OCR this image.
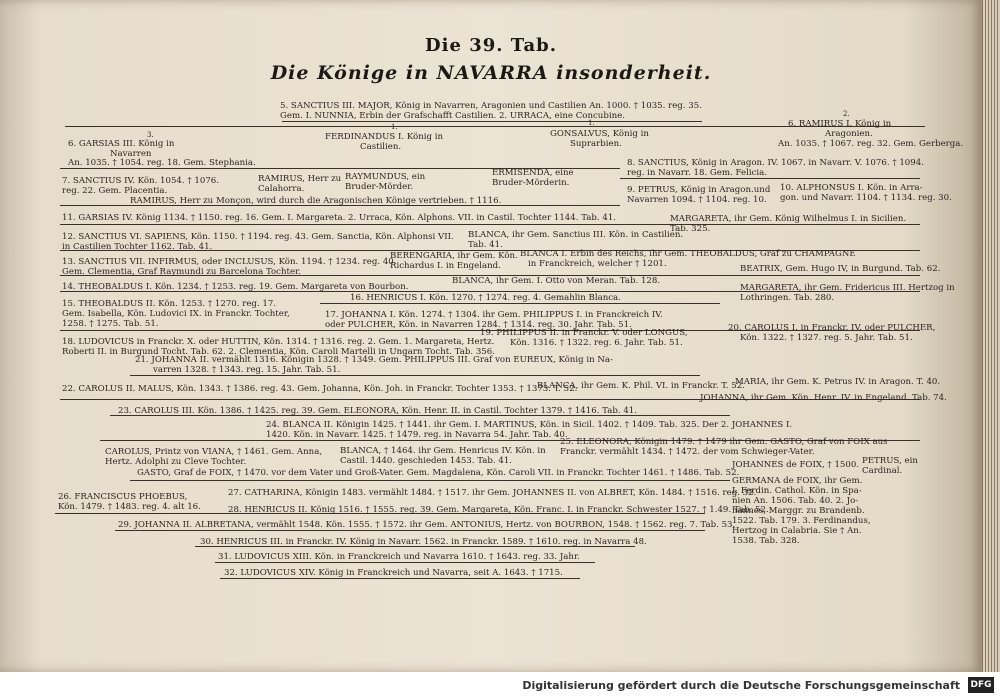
Die 39. Tab.
Die Könige in NAVARRA insonderheit.
5. SANCTIUS III. MAJOR, König in Navarren, Aragonien und Castilien An. 1000. † 1035. reg. 35.
Gem. I. NUNNIA, Erbin der Grafschafft Castilien. 2. URRACA, eine Concubine.
6. GARSIAS III. König in
Navarren
An. 1035. † 1054. reg. 18. Gem. Stephania.
FERDINANDUS I. König in
Castilien.
GONSALVUS, König in
Suprarbien.
6. RAMIRUS I. König in
Aragonien.
An. 1035. † 1067. reg. 32. Gem. Gerberga.
7. SANCTIUS IV. Kön. 1054. † 1076.
reg. 22. Gem. Placentia.
RAMIRUS, Herr zu
Calahorra.
RAYMUNDUS, ein
Bruder-Mörder.
ERMISENDA, eine
Bruder-Mörderin.
8. SANCTIUS, König in Aragon. IV. 1067. in Navarr. V. 1076. † 1094.
reg. in Navarr. 18. Gem. Felicia.
9. PETRUS, König in Aragon.und
Navarren 1094. † 1104. reg. 10.
10. ALPHONSUS I. Kön. in Arra-
gon. und Navarr. 1104. † 1134. reg. 30.
RAMIRUS, Herr zu Monçon, wird durch die Aragonischen Könige vertrieben. † 1116.
11. GARSIAS IV. König 1134. † 1150. reg. 16. Gem. I. Margareta. 2. Urraca, Kön. Alphons. VII. in Castil. Tochter 1144. Tab. 41.
12. SANCTIUS VI. SAPIENS, Kön. 1150. † 1194. reg. 43. Gem. Sanctia, Kön. Alphonsi VII.
in Castilien Tochter 1162. Tab. 41.
BLANCA, ihr Gem. Sanctius III. Kön. in Castilien.
Tab. 41.
MARGARETA, ihr Gem. König Wilhelmus I. in Sicilien.
Tab. 325.
13. SANCTIUS VII. INFIRMUS, oder INCLUSUS, Kön. 1194. † 1234. reg. 40.
Gem. Clementia, Graf Raymundi zu Barcelona Tochter.
BERENGARIA, ihr Gem. Kön.
Richardus I. in Engeland.
BLANCA I. Erbin des Reichs, ihr Gem. THEOBALDUS, Graf zu CHAMPAGNE
in Franckreich, welcher † 1201.
14. THEOBALDUS I. Kön. 1234. † 1253. reg. 19. Gem. Margareta von Bourbon.
BLANCA, ihr Gem. I. Otto von Meran. Tab. 128.
BEATRIX, Gem. Hugo IV, in Burgund. Tab. 62.
15. THEOBALDUS II. Kön. 1253. † 1270. reg. 17.
Gem. Isabella, Kön. Ludovici IX. in Franckr. Tochter,
1258. † 1275. Tab. 51.
16. HENRICUS I. Kön. 1270. † 1274. reg. 4. Gemahlin Blanca.
MARGARETA, ihr Gem. Fridericus III. Hertzog in
Lothringen. Tab. 280.
17. JOHANNA I. Kön. 1274. † 1304. ihr Gem. PHILIPPUS I. in Franckreich IV.
oder PULCHER, Kön. in Navarren 1284. † 1314. reg. 30. Jahr. Tab. 51.
18. LUDOVICUS in Franckr. X. oder HUTTIN, Kön. 1314. † 1316. reg. 2. Gem. 1. Margareta, Hertz.
Roberti II. in Burgund Tocht. Tab. 62. 2. Clementia, Kön. Caroli Martelli in Ungarn Tocht. Tab. 356.
19. PHILIPPUS II. in Franckr. V. oder LONGUS,
Kön. 1316. † 1322. reg. 6. Jahr. Tab. 51.
20. CAROLUS I. in Franckr. IV. oder PULCHER,
Kön. 1322. † 1327. reg. 5. Jahr. Tab. 51.
21. JOHANNA II. vermählt 1316. Königin 1328. † 1349. Gem. PHILIPPUS III. Graf von EUREUX, König in Na-
varren 1328. † 1343. reg. 15. Jahr. Tab. 51.
22. CAROLUS II. MALUS, Kön. 1343. † 1386. reg. 43. Gem. Johanna, Kön. Joh. in Franckr. Tochter 1353. † 1373. T. 52.
BLANCA, ihr Gem. K. Phil. VI. in Franckr. T. 52.
MARIA, ihr Gem. K. Petrus IV. in Aragon. T. 40.
23. CAROLUS III. Kön. 1386. † 1425. reg. 39. Gem. ELEONORA, Kön. Henr. II. in Castil. Tochter 1379. † 1416. Tab. 41.
JOHANNA, ihr Gem. Kön. Henr. IV. in Engeland. Tab. 74.
24. BLANCA II. Königin 1425. † 1441. ihr Gem. I. MARTINUS, Kön. in Sicil. 1402. † 1409. Tab. 325. Der 2. JOHANNES I.
1420. Kön. in Navarr. 1425. † 1479. reg. in Navarra 54. Jahr. Tab. 40.
CAROLUS, Printz von VIANA, † 1461. Gem. Anna,
Hertz. Adolphi zu Cleve Tochter.
BLANCA, † 1464. ihr Gem. Henricus IV. Kön. in
Castil. 1440. geschieden 1453. Tab. 41.
25. ELEONORA, Königin 1479. † 1479 ihr Gem. GASTO, Graf von FOIX aus
Franckr. vermählt 1434. † 1472. der vom Schwieger-Vater.
GASTO, Graf de FOIX, † 1470. vor dem Vater und Groß-Vater. Gem. Magdalena, Kön. Caroli VII. in Franckr. Tochter 1461. † 1486. Tab. 52.
JOHANNES de FOIX, † 1500. PETRUS, ein
Cardinal.
26. FRANCISCUS PHOEBUS,
Kön. 1479. † 1483. reg. 4. alt 16.
27. CATHARINA, Königin 1483. vermählt 1484. † 1517. ihr Gem. JOHANNES II. von ALBRET, Kön. 1484. † 1516. reg. 32.
GERMANA de FOIX, ihr Gem.
I. Ferdin. Cathol. Kön. in Spa-
nien An. 1506. Tab. 40. 2. Jo-
hannes, Marggr. zu Brandenb.
1522. Tab. 179. 3. Ferdinandus,
Hertzog in Calabria. Sie † An.
1538. Tab. 328.
28. HENRICUS II. König 1516. † 1555. reg. 39. Gem. Margareta, Kön. Franc. I. in Franckr. Schwester 1527. † 1.49. Tab. 52.
29. JOHANNA II. ALBRETANA, vermählt 1548. Kön. 1555. † 1572. ihr Gem. ANTONIUS, Hertz. von BOURBON, 1548. † 1562. reg. 7. Tab. 53.
30. HENRICUS III. in Franckr. IV. König in Navarr. 1562. in Franckr. 1589. † 1610. reg. in Navarra 48.
31. LUDOVICUS XIII. Kön. in Franckreich und Navarra 1610. † 1643. reg. 33. Jahr.
32. LUDOVICUS XIV. König in Franckreich und Navarra, seit A. 1643. † 1715.
3.
1.	1.
2.
Digitalisierung gefördert durch die Deutsche Forschungsgemeinschaft DFG
